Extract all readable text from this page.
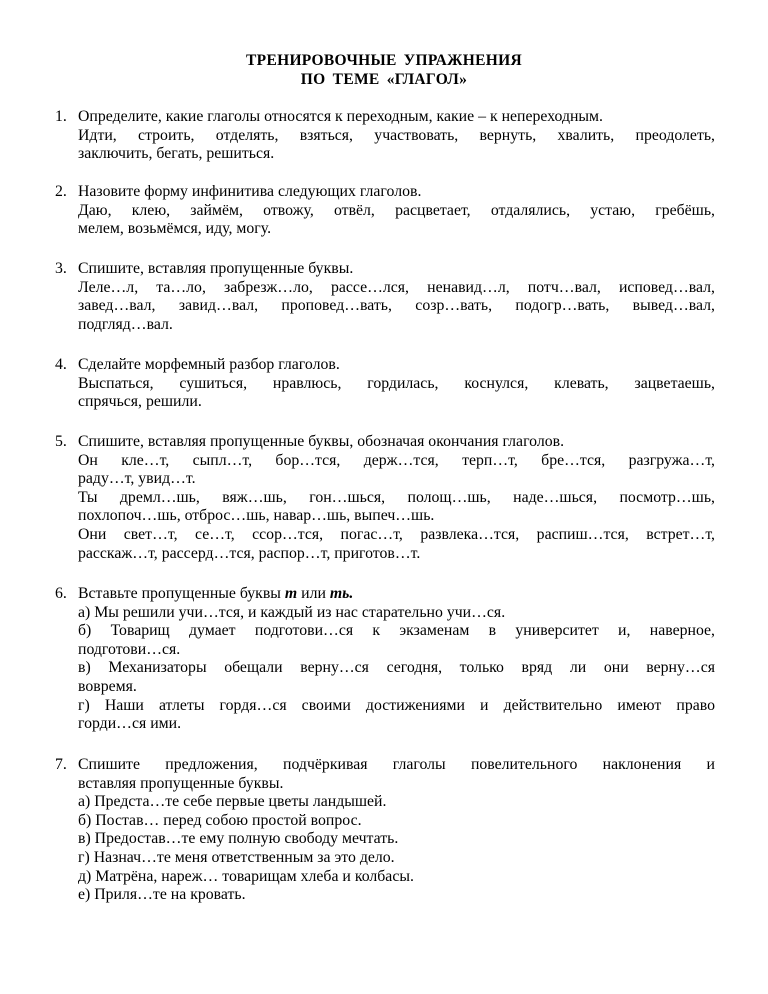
ТРЕНИРОВОЧНЫЕ УПРАЖНЕНИЯ
ПО ТЕМЕ «ГЛАГОЛ»
1. Определите, какие глаголы относятся к переходным, какие – к непереходным.
Идти, строить, отделять, взяться, участвовать, вернуть, хвалить, преодолеть,
заключить, бегать, решиться.
2. Назовите форму инфинитива следующих глаголов.
Даю, клею, займём, отвожу, отвёл, расцветает, отдалялись, устаю, гребёшь,
мелем, возьмёмся, иду, могу.
3. Спишите, вставляя пропущенные буквы.
Леле…л, та…ло, забрезж…ло, рассе…лся, ненавид…л, потч…вал, исповед…вал,
завед…вал, завид…вал, проповед…вать, созр…вать, подогр…вать, вывед…вал,
подгляд…вал.
4. Сделайте морфемный разбор глаголов.
Выспаться, сушиться, нравлюсь, гордилась, коснулся, клевать, зацветаешь,
спрячься, решили.
5. Спишите, вставляя пропущенные буквы, обозначая окончания глаголов.
Он кле…т, сыпл…т, бор…тся, держ…тся, терп…т, бре…тся, разгружа…т,
раду…т, увид…т.
Ты дремл…шь, вяж…шь, гон…шься, полощ…шь, наде…шься, посмотр…шь,
похлопоч…шь, отброс…шь, навар…шь, выпеч…шь.
Они свет…т, се…т, ссор…тся, погас…т, развлека…тся, распиш…тся, встрет…т,
расскаж…т, рассерд…тся, распор…т, приготов…т.
6. Вставьте пропущенные буквы т или ть.
а) Мы решили учи…тся, и каждый из нас старательно учи…ся.
б) Товарищ думает подготови…ся к экзаменам в университет и, наверное,
подготови…ся.
в) Механизаторы обещали верну…ся сегодня, только вряд ли они верну…ся
вовремя.
г) Наши атлеты гордя…ся своими достижениями и действительно имеют право
горди…ся ими.
7. Спишите предложения, подчёркивая глаголы повелительного наклонения и
вставляя пропущенные буквы.
а) Предста…те себе первые цветы ландышей.
б) Постав… перед собою простой вопрос.
в) Предостав…те ему полную свободу мечтать.
г) Назнач…те меня ответственным за это дело.
д) Матрёна, нареж… товарищам хлеба и колбасы.
е) Приля…те на кровать.
